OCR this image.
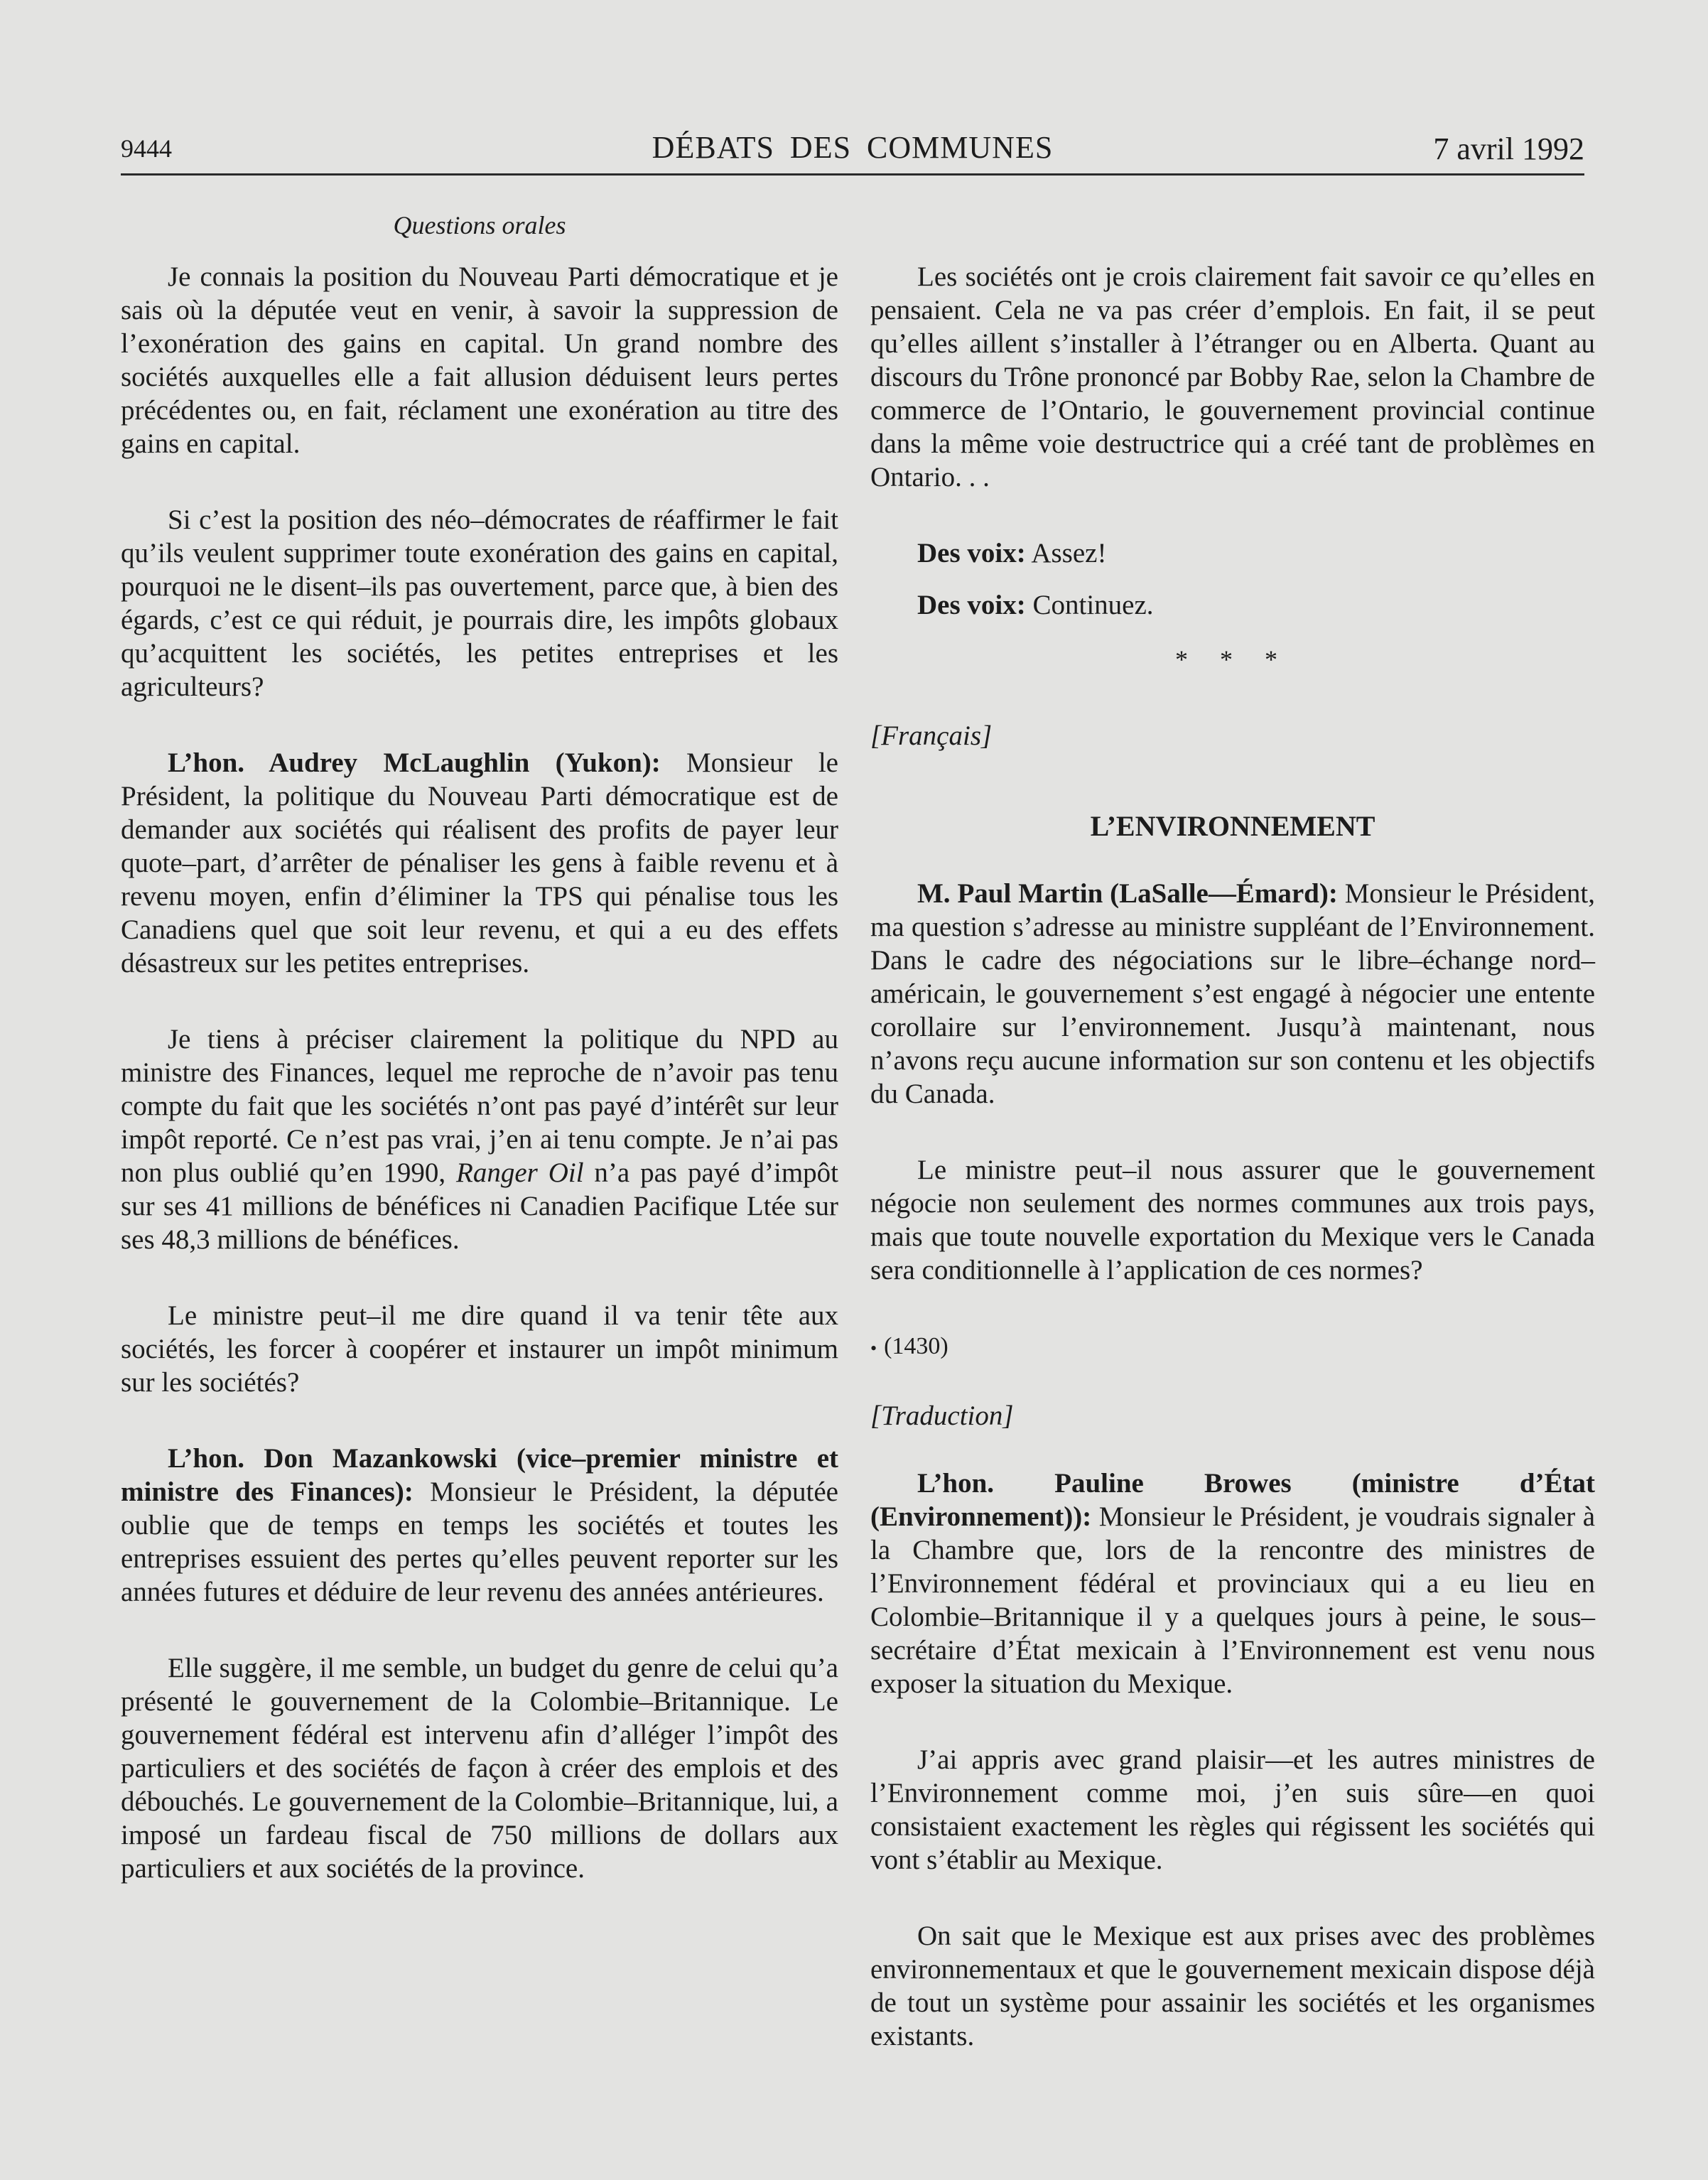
9444	DÉBATS DES COMMUNES	7 avril 1992
Questions orales

Je connais la position du Nouveau Parti démocratique et je sais où la députée veut en venir, à savoir la suppression de l’exonération des gains en capital. Un grand nombre des sociétés auxquelles elle a fait allusion déduisent leurs pertes précédentes ou, en fait, réclament une exonération au titre des gains en capital.

Si c’est la position des néo–démocrates de réaffirmer le fait qu’ils veulent supprimer toute exonération des gains en capital, pourquoi ne le disent–ils pas ouvertement, parce que, à bien des égards, c’est ce qui réduit, je pourrais dire, les impôts globaux qu’acquittent les sociétés, les petites entreprises et les agriculteurs?

L’hon. Audrey McLaughlin (Yukon): Monsieur le Président, la politique du Nouveau Parti démocratique est de demander aux sociétés qui réalisent des profits de payer leur quote–part, d’arrêter de pénaliser les gens à faible revenu et à revenu moyen, enfin d’éliminer la TPS qui pénalise tous les Canadiens quel que soit leur revenu, et qui a eu des effets désastreux sur les petites entreprises.

Je tiens à préciser clairement la politique du NPD au ministre des Finances, lequel me reproche de n’avoir pas tenu compte du fait que les sociétés n’ont pas payé d’intérêt sur leur impôt reporté. Ce n’est pas vrai, j’en ai tenu compte. Je n’ai pas non plus oublié qu’en 1990, Ranger Oil n’a pas payé d’impôt sur ses 41 millions de bénéfices ni Canadien Pacifique Ltée sur ses 48,3 millions de bénéfices.

Le ministre peut–il me dire quand il va tenir tête aux sociétés, les forcer à coopérer et instaurer un impôt minimum sur les sociétés?

L’hon. Don Mazankowski (vice–premier ministre et ministre des Finances): Monsieur le Président, la députée oublie que de temps en temps les sociétés et toutes les entreprises essuient des pertes qu’elles peuvent reporter sur les années futures et déduire de leur revenu des années antérieures.

Elle suggère, il me semble, un budget du genre de celui qu’a présenté le gouvernement de la Colombie–Britannique. Le gouvernement fédéral est intervenu afin d’alléger l’impôt des particuliers et des sociétés de façon à créer des emplois et des débouchés. Le gouvernement de la Colombie–Britannique, lui, a imposé un fardeau fiscal de 750 millions de dollars aux particuliers et aux sociétés de la province.

Les sociétés ont je crois clairement fait savoir ce qu’elles en pensaient. Cela ne va pas créer d’emplois. En fait, il se peut qu’elles aillent s’installer à l’étranger ou en Alberta. Quant au discours du Trône prononcé par Bobby Rae, selon la Chambre de commerce de l’Ontario, le gouvernement provincial continue dans la même voie destructrice qui a créé tant de problèmes en Ontario. . .

Des voix: Assez!

Des voix: Continuez.

* * *
[Français]
L’ENVIRONNEMENT

M. Paul Martin (LaSalle—Émard): Monsieur le Président, ma question s’adresse au ministre suppléant de l’Environnement. Dans le cadre des négociations sur le libre–échange nord–américain, le gouvernement s’est engagé à négocier une entente corollaire sur l’environnement. Jusqu’à maintenant, nous n’avons reçu aucune information sur son contenu et les objectifs du Canada.

Le ministre peut–il nous assurer que le gouvernement négocie non seulement des normes communes aux trois pays, mais que toute nouvelle exportation du Mexique vers le Canada sera conditionnelle à l’application de ces normes?

• (1430)
[Traduction]

L’hon. Pauline Browes (ministre d’État (Environnement)): Monsieur le Président, je voudrais signaler à la Chambre que, lors de la rencontre des ministres de l’Environnement fédéral et provinciaux qui a eu lieu en Colombie–Britannique il y a quelques jours à peine, le sous–secrétaire d’État mexicain à l’Environnement est venu nous exposer la situation du Mexique.

J’ai appris avec grand plaisir—et les autres ministres de l’Environnement comme moi, j’en suis sûre—en quoi consistaient exactement les règles qui régissent les sociétés qui vont s’établir au Mexique.

On sait que le Mexique est aux prises avec des problèmes environnementaux et que le gouvernement mexicain dispose déjà de tout un système pour assainir les sociétés et les organismes existants.
